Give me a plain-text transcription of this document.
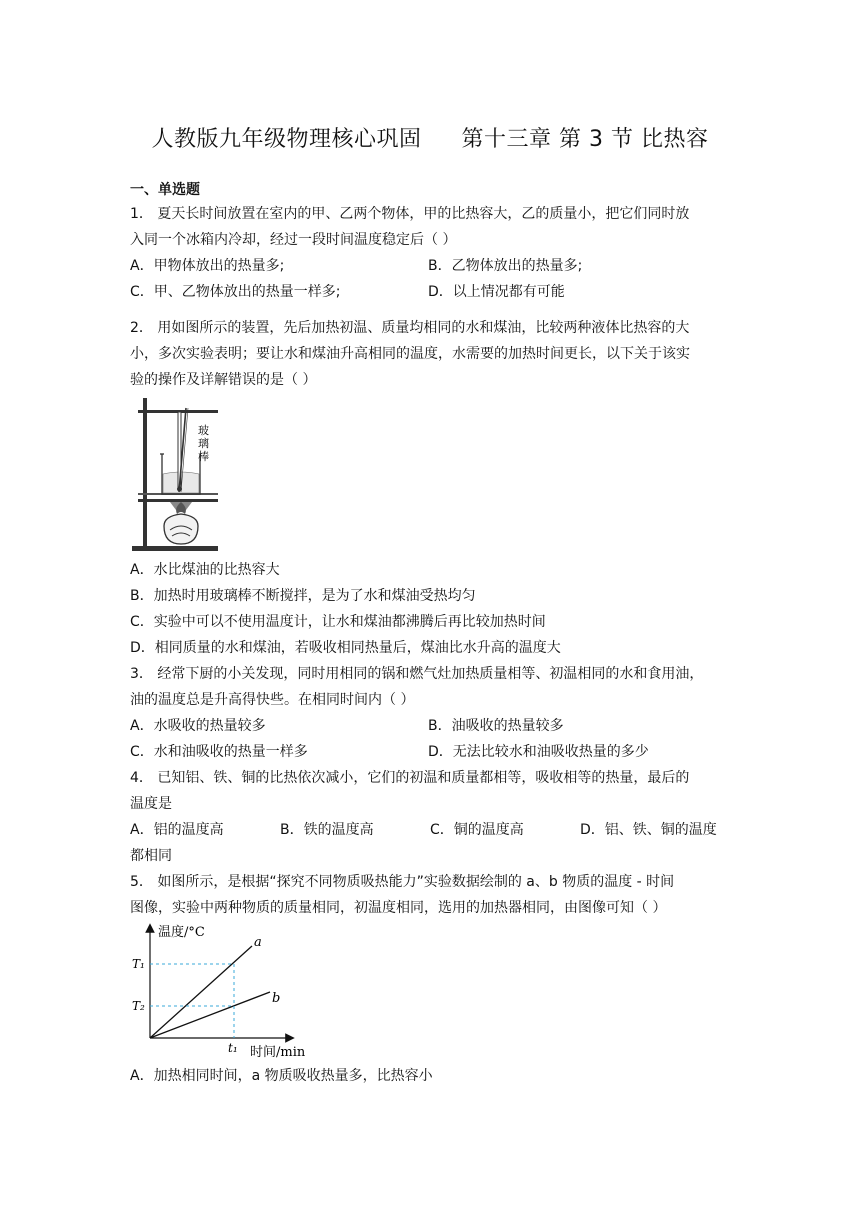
人教版九年级物理核心巩固 第十三章 第 3 节 比热容
一、单选题
1． 夏天长时间放置在室内的甲、乙两个物体，甲的比热容大，乙的质量小，把它们同时放
入同一个冰箱内冷却，经过一段时间温度稳定后（ ）
A．甲物体放出的热量多;	B．乙物体放出的热量多;
C．甲、乙物体放出的热量一样多;	D．以上情况都有可能
2． 用如图所示的装置，先后加热初温、质量均相同的水和煤油，比较两种液体比热容的大
小，多次实验表明；要让水和煤油升高相同的温度，水需要的加热时间更长，以下关于该实
验的操作及详解错误的是（ ）
玻璃棒
A．水比煤油的比热容大
B．加热时用玻璃棒不断搅拌，是为了水和煤油受热均匀
C．实验中可以不使用温度计，让水和煤油都沸腾后再比较加热时间
D．相同质量的水和煤油，若吸收相同热量后，煤油比水升高的温度大
3． 经常下厨的小关发现，同时用相同的锅和燃气灶加热质量相等、初温相同的水和食用油，
油的温度总是升高得快些。在相同时间内（ ）
A．水吸收的热量较多	B．油吸收的热量较多
C．水和油吸收的热量一样多	D．无法比较水和油吸收热量的多少
4． 已知铝、铁、铜的比热依次减小，它们的初温和质量都相等，吸收相等的热量，最后的
温度是
A．铝的温度高	B．铁的温度高	C．铜的温度高	D．铝、铁、铜的温度
都相同
5． 如图所示，是根据“探究不同物质吸热能力”实验数据绘制的 a、b 物质的温度 - 时间
图像，实验中两种物质的质量相同，初温度相同，选用的加热器相同，由图像可知（ ）
温度/°C
时间/min
a
b
T₁
T₂
t₁
A．加热相同时间，a 物质吸收热量多，比热容小
